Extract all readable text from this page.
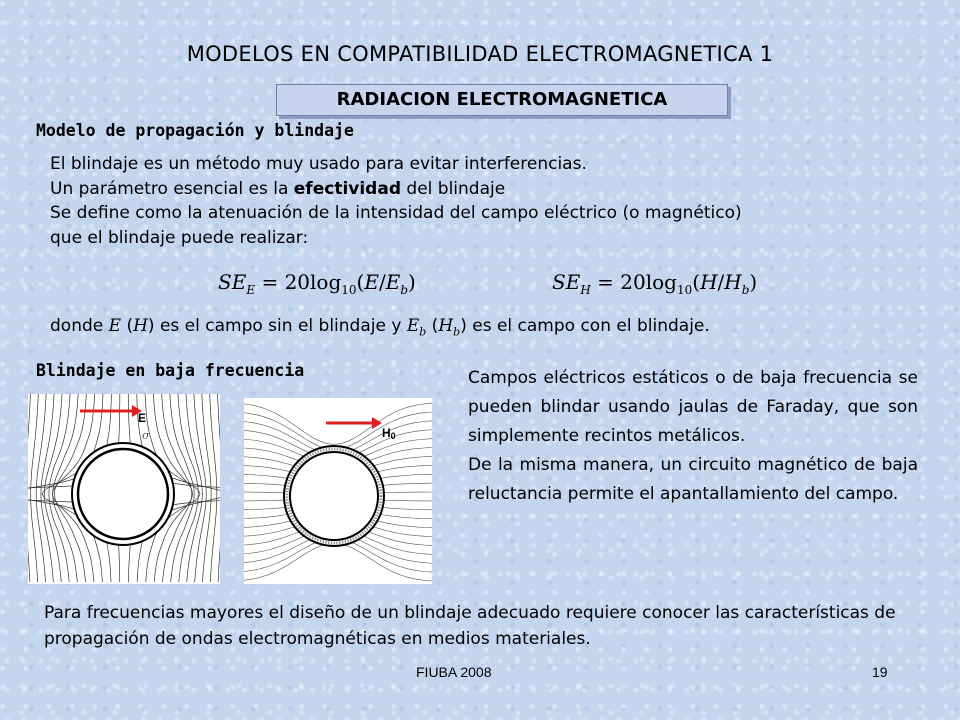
MODELOS EN COMPATIBILIDAD ELECTROMAGNETICA 1
RADIACION ELECTROMAGNETICA
Modelo de propagación y blindaje
El blindaje es un método muy usado para evitar interferencias.
Un parámetro esencial es la efectividad del blindaje
Se define como la atenuación de la intensidad del campo eléctrico (o magnético)
que el blindaje puede realizar:
$SE_E = 20\log_{10}(E/E_b)$	$SE_H = 20\log_{10}(H/H_b)$
donde E (H) es el campo sin el blindaje y $E_b$ $(H_b)$ es el campo con el blindaje.
Blindaje en baja frecuencia
E
σ	H0

Campos eléctricos estáticos o de baja frecuencia se pueden blindar usando jaulas de Faraday, que son simplemente recintos metálicos.

De la misma manera, un circuito magnético de baja reluctancia permite el apantallamiento del campo.

Para frecuencias mayores el diseño de un blindaje adecuado requiere conocer las características de propagación de ondas electromagnéticas en medios materiales.
FIUBA 2008	19
